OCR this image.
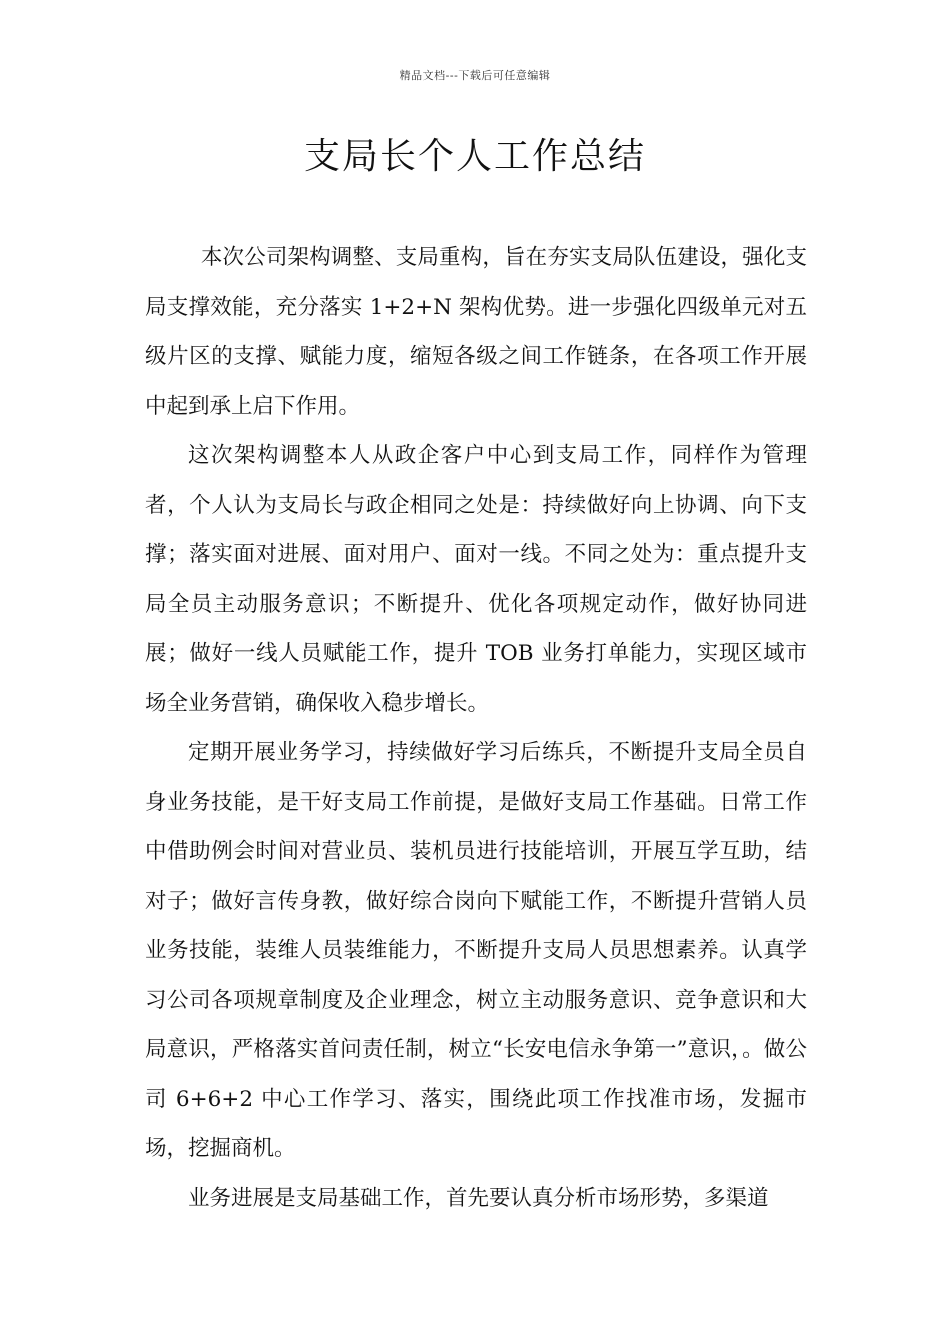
精品文档---下载后可任意编辑
支局长个人工作总结

本次公司架构调整、支局重构，旨在夯实支局队伍建设，强化支局支撑效能，充分落实 1+2+N 架构优势。进一步强化四级单元对五级片区的支撑、赋能力度，缩短各级之间工作链条，在各项工作开展中起到承上启下作用。

这次架构调整本人从政企客户中心到支局工作，同样作为管理者，个人认为支局长与政企相同之处是：持续做好向上协调、向下支撑；落实面对进展、面对用户、面对一线。不同之处为：重点提升支局全员主动服务意识；不断提升、优化各项规定动作，做好协同进展；做好一线人员赋能工作，提升 TOB 业务打单能力，实现区域市场全业务营销，确保收入稳步增长。

定期开展业务学习，持续做好学习后练兵，不断提升支局全员自身业务技能，是干好支局工作前提，是做好支局工作基础。日常工作中借助例会时间对营业员、装机员进行技能培训，开展互学互助，结对子；做好言传身教，做好综合岗向下赋能工作，不断提升营销人员业务技能，装维人员装维能力，不断提升支局人员思想素养。认真学习公司各项规章制度及企业理念，树立主动服务意识、竞争意识和大局意识，严格落实首问责任制，树立“长安电信永争第一”意识，。做公司 6+6+2 中心工作学习、落实，围绕此项工作找准市场，发掘市场，挖掘商机。

业务进展是支局基础工作，首先要认真分析市场形势，多渠道
